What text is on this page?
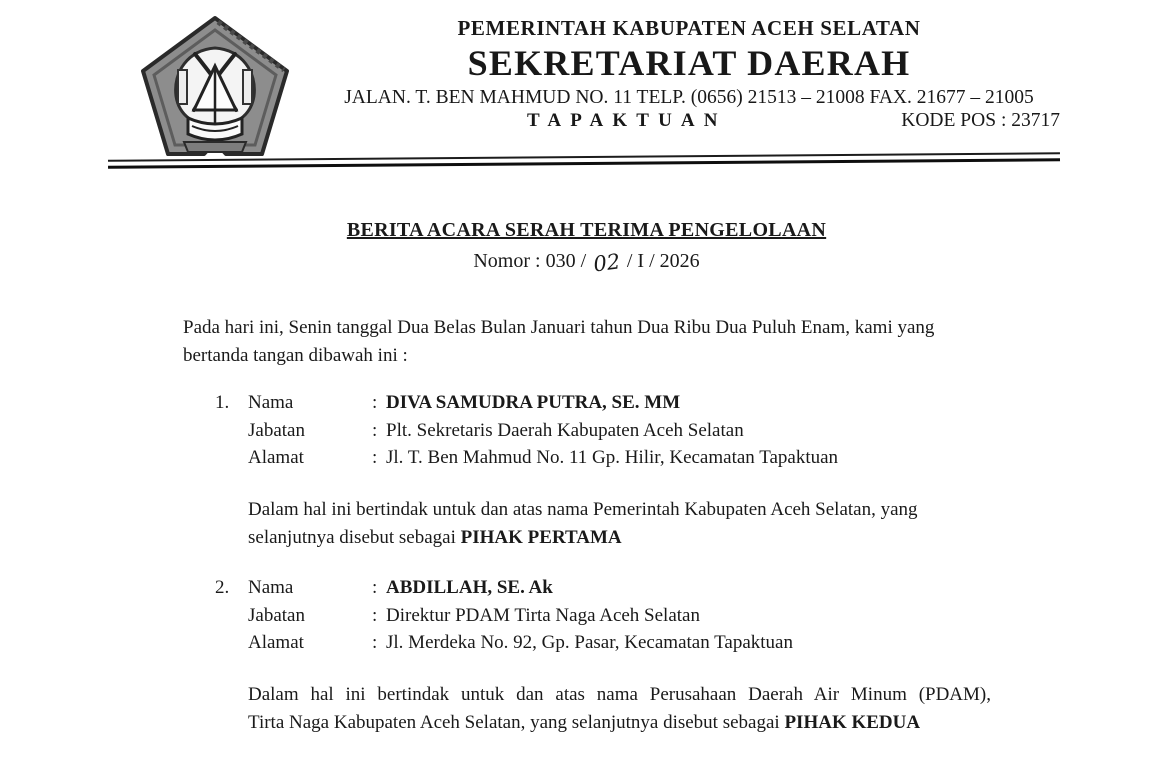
PEMERINTAH KABUPATEN ACEH SELATAN
SEKRETARIAT DAERAH
JALAN. T. BEN MAHMUD NO. 11 TELP. (0656) 21513 – 21008 FAX. 21677 – 21005
TAPAKTUAN	KODE POS : 23717
BERITA ACARA SERAH TERIMA PENGELOLAAN
Nomor : 030 / 02 / I / 2026
Pada hari ini, Senin tanggal Dua Belas Bulan Januari tahun Dua Ribu Dua Puluh Enam, kami yang
bertanda tangan dibawah ini :
1. Nama	: DIVA SAMUDRA PUTRA, SE. MM
Jabatan	: Plt. Sekretaris Daerah Kabupaten Aceh Selatan
Alamat	: Jl. T. Ben Mahmud No. 11 Gp. Hilir, Kecamatan Tapaktuan
Dalam hal ini bertindak untuk dan atas nama Pemerintah Kabupaten Aceh Selatan, yang
selanjutnya disebut sebagai PIHAK PERTAMA
2. Nama	: ABDILLAH, SE. Ak
Jabatan	: Direktur PDAM Tirta Naga Aceh Selatan
Alamat	: Jl. Merdeka No. 92, Gp. Pasar, Kecamatan Tapaktuan
Dalam hal ini bertindak untuk dan atas nama Perusahaan Daerah Air Minum (PDAM),
Tirta Naga Kabupaten Aceh Selatan, yang selanjutnya disebut sebagai PIHAK KEDUA
